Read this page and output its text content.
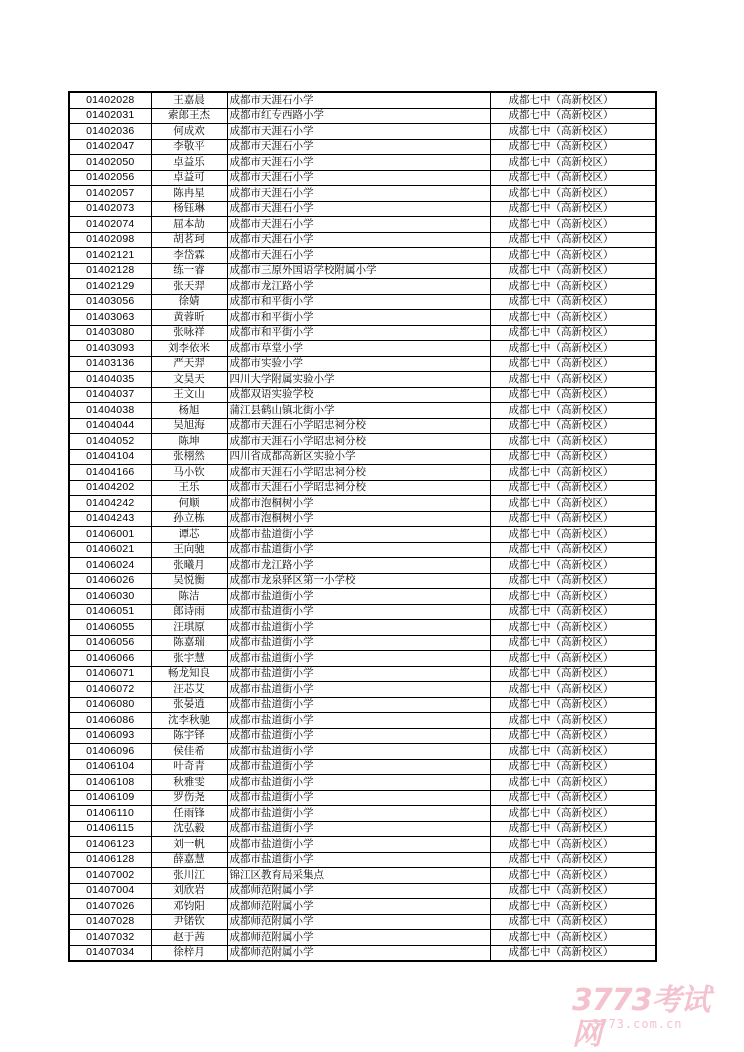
01402028	王嘉晨	成都市天涯石小学	成都七中（高新校区）
01402031	索郎王杰	成都市红专西路小学	成都七中（高新校区）
01402036	何成欢	成都市天涯石小学	成都七中（高新校区）
01402047	李敬平	成都市天涯石小学	成都七中（高新校区）
01402050	卓益乐	成都市天涯石小学	成都七中（高新校区）
01402056	卓益可	成都市天涯石小学	成都七中（高新校区）
01402057	陈冉星	成都市天涯石小学	成都七中（高新校区）
01402073	杨钰琳	成都市天涯石小学	成都七中（高新校区）
01402074	屈本劼	成都市天涯石小学	成都七中（高新校区）
01402098	胡茗珂	成都市天涯石小学	成都七中（高新校区）
01402121	李岱霖	成都市天涯石小学	成都七中（高新校区）
01402128	练一睿	成都市三原外国语学校附属小学	成都七中（高新校区）
01402129	张天羿	成都市龙江路小学	成都七中（高新校区）
01403056	徐婧	成都市和平街小学	成都七中（高新校区）
01403063	黄蓉昕	成都市和平街小学	成都七中（高新校区）
01403080	张咏祥	成都市和平街小学	成都七中（高新校区）
01403093	刘李依米	成都市草堂小学	成都七中（高新校区）
01403136	严天羿	成都市实验小学	成都七中（高新校区）
01404035	文昊天	四川大学附属实验小学	成都七中（高新校区）
01404037	王文山	成都双语实验学校	成都七中（高新校区）
01404038	杨旭	蒲江县鹤山镇北街小学	成都七中（高新校区）
01404044	吴旭海	成都市天涯石小学昭忠祠分校	成都七中（高新校区）
01404052	陈坤	成都市天涯石小学昭忠祠分校	成都七中（高新校区）
01404104	张栩然	四川省成都高新区实验小学	成都七中（高新校区）
01404166	马小钦	成都市天涯石小学昭忠祠分校	成都七中（高新校区）
01404202	王乐	成都市天涯石小学昭忠祠分校	成都七中（高新校区）
01404242	何顺	成都市泡桐树小学	成都七中（高新校区）
01404243	孙立栋	成都市泡桐树小学	成都七中（高新校区）
01406001	谭芯	成都市盐道街小学	成都七中（高新校区）
01406021	王向驰	成都市盐道街小学	成都七中（高新校区）
01406024	张曦月	成都市龙江路小学	成都七中（高新校区）
01406026	吴悦衡	成都市龙泉驿区第一小学校	成都七中（高新校区）
01406030	陈洁	成都市盐道街小学	成都七中（高新校区）
01406051	郎诗雨	成都市盐道街小学	成都七中（高新校区）
01406055	汪琪原	成都市盐道街小学	成都七中（高新校区）
01406056	陈嘉瑞	成都市盐道街小学	成都七中（高新校区）
01406066	张宇慧	成都市盐道街小学	成都七中（高新校区）
01406071	畅龙知良	成都市盐道街小学	成都七中（高新校区）
01406072	汪芯艾	成都市盐道街小学	成都七中（高新校区）
01406080	张晏逍	成都市盐道街小学	成都七中（高新校区）
01406086	沈李秋驰	成都市盐道街小学	成都七中（高新校区）
01406093	陈宇铎	成都市盐道街小学	成都七中（高新校区）
01406096	侯佳希	成都市盐道街小学	成都七中（高新校区）
01406104	叶奇青	成都市盐道街小学	成都七中（高新校区）
01406108	秋雅雯	成都市盐道街小学	成都七中（高新校区）
01406109	罗伤尧	成都市盐道街小学	成都七中（高新校区）
01406110	任雨锋	成都市盐道街小学	成都七中（高新校区）
01406115	沈弘毅	成都市盐道街小学	成都七中（高新校区）
01406123	刘一帆	成都市盐道街小学	成都七中（高新校区）
01406128	薛嘉慧	成都市盐道街小学	成都七中（高新校区）
01407002	张川江	锦江区教育局采集点	成都七中（高新校区）
01407004	刘欣岩	成都师范附属小学	成都七中（高新校区）
01407026	邓钧阳	成都师范附属小学	成都七中（高新校区）
01407028	尹锘钦	成都师范附属小学	成都七中（高新校区）
01407032	赵于茜	成都师范附属小学	成都七中（高新校区）
01407034	徐梓月	成都师范附属小学	成都七中（高新校区）
3773考试网
3773.com.cn
